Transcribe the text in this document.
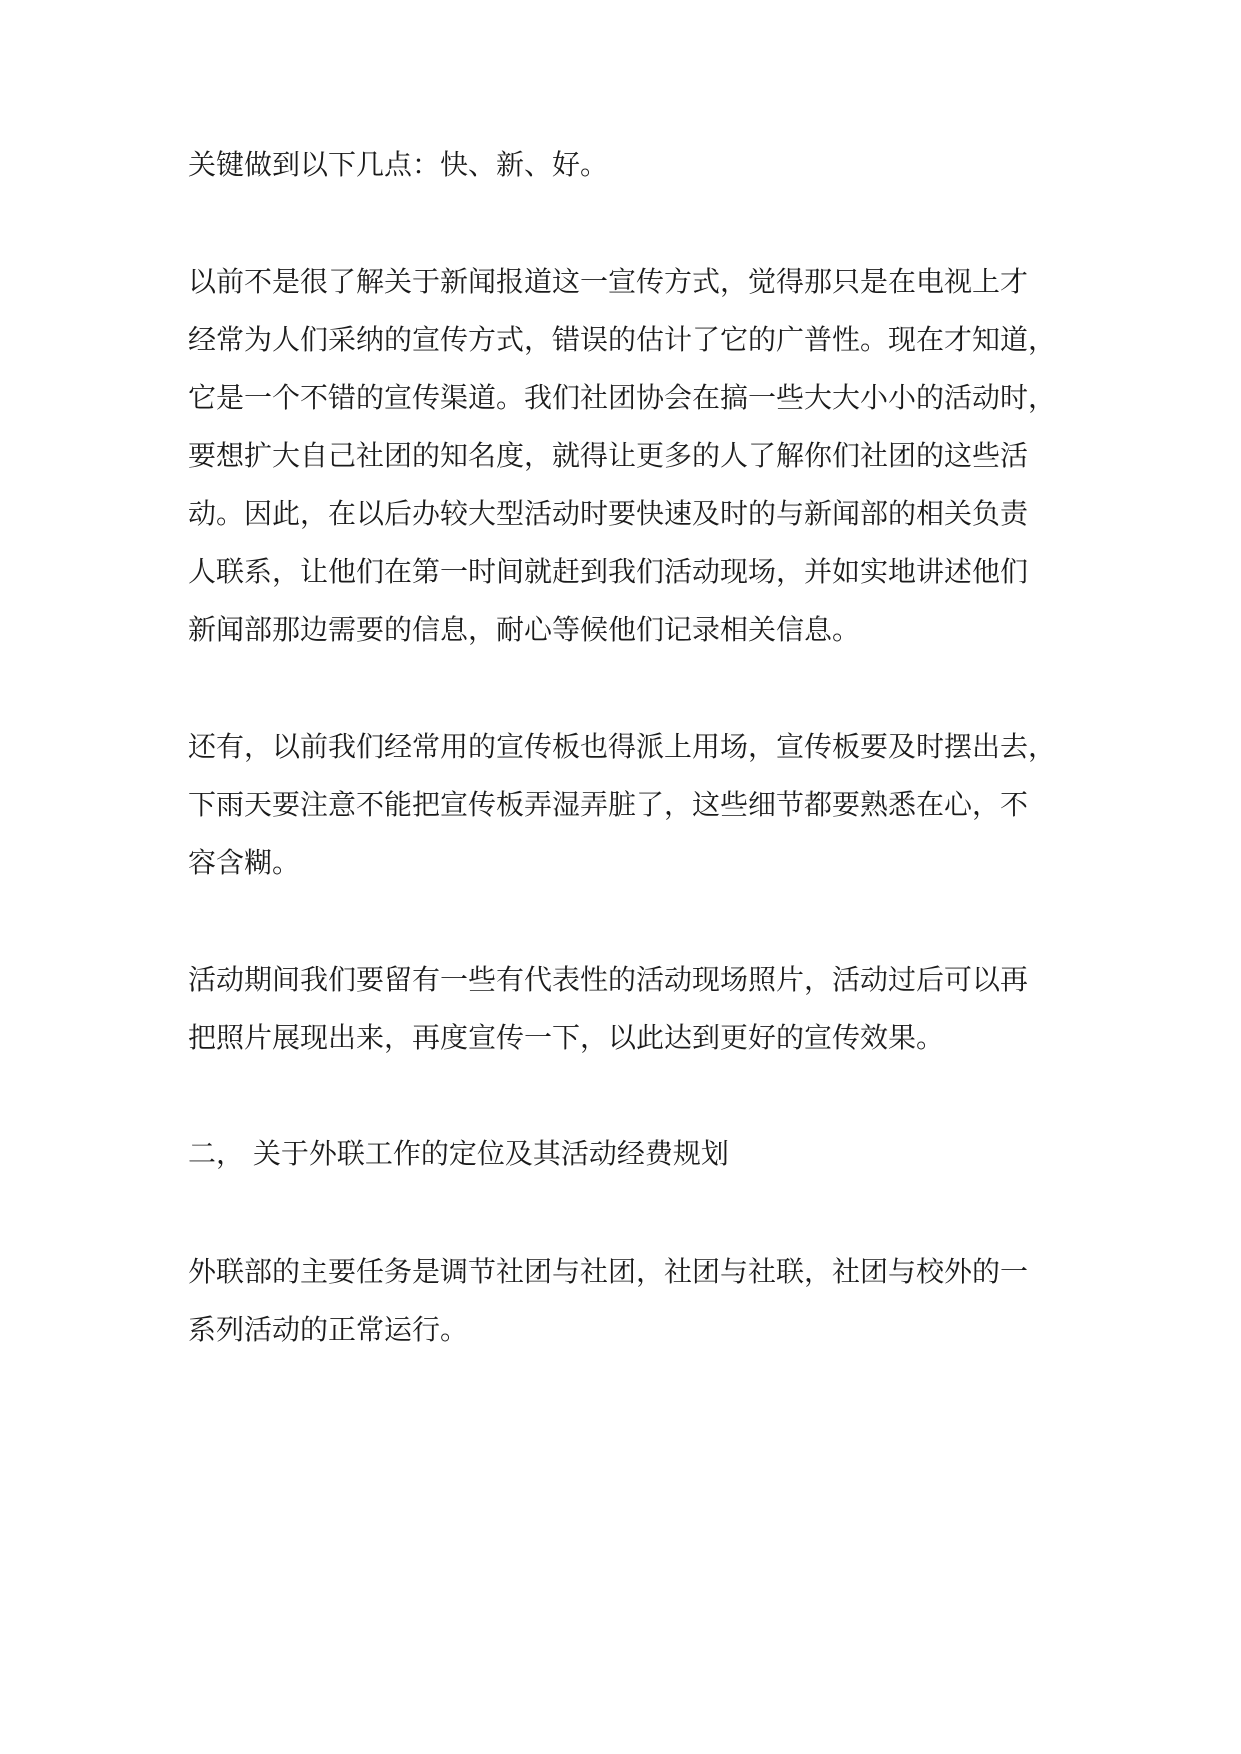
关键做到以下几点：快、新、好。

以前不是很了解关于新闻报道这一宣传方式，觉得那只是在电视上才

经常为人们采纳的宣传方式，错误的估计了它的广普性。现在才知道，

它是一个不错的宣传渠道。我们社团协会在搞一些大大小小的活动时，

要想扩大自己社团的知名度，就得让更多的人了解你们社团的这些活

动。因此，在以后办较大型活动时要快速及时的与新闻部的相关负责

人联系，让他们在第一时间就赶到我们活动现场，并如实地讲述他们

新闻部那边需要的信息，耐心等候他们记录相关信息。

还有，以前我们经常用的宣传板也得派上用场，宣传板要及时摆出去，

下雨天要注意不能把宣传板弄湿弄脏了，这些细节都要熟悉在心，不

容含糊。

活动期间我们要留有一些有代表性的活动现场照片，活动过后可以再

把照片展现出来，再度宣传一下，以此达到更好的宣传效果。

二， 关于外联工作的定位及其活动经费规划

外联部的主要任务是调节社团与社团，社团与社联，社团与校外的一

系列活动的正常运行。
